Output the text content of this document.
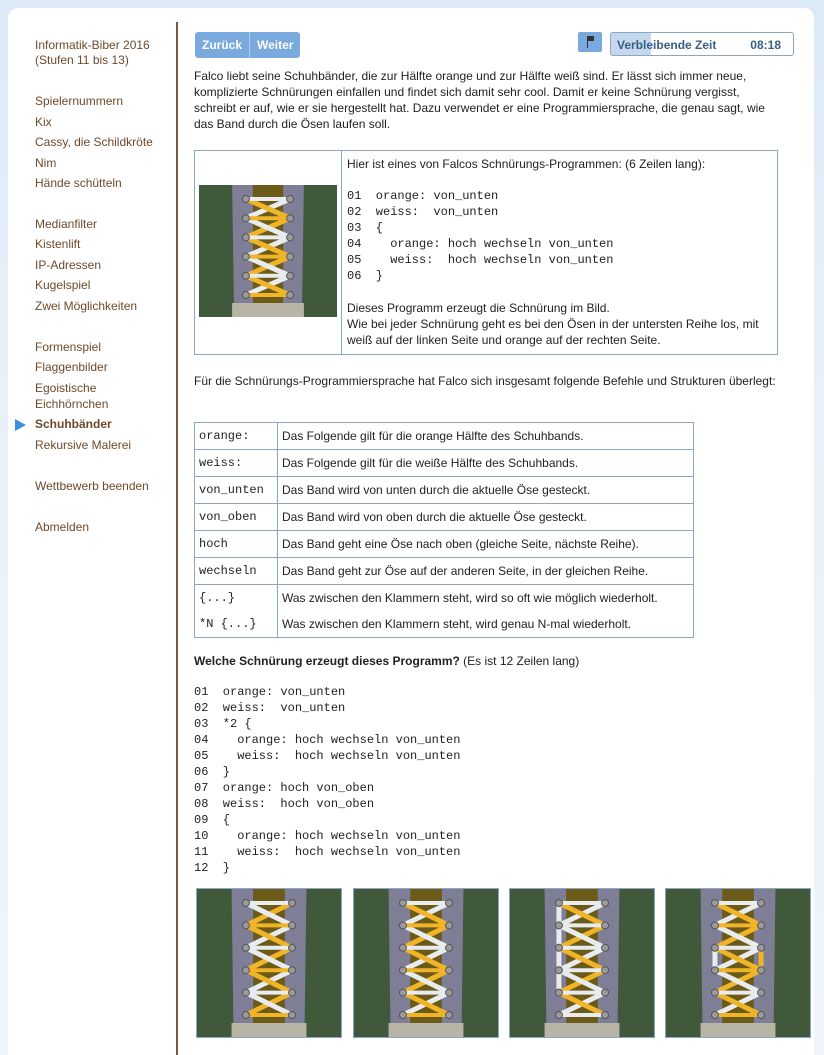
Informatik-Biber 2016
(Stufen 11 bis 13)
Spielernummern
Kix
Cassy, die Schildkröte
Nim
Hände schütteln
Medianfilter
Kistenlift
IP-Adressen
Kugelspiel
Zwei Möglichkeiten
Formenspiel
Flaggenbilder
Egoistische
Eichhörnchen
Schuhbänder
Rekursive Malerei
Wettbewerb beenden
Abmelden
Zurück	Weiter	Verbleibende Zeit	08:18
Falco liebt seine Schuhbänder, die zur Hälfte orange und zur Hälfte weiß sind. Er lässt sich immer neue, komplizierte Schnürungen einfallen und findet sich damit sehr cool. Damit er keine Schnürung vergisst, schreibt er auf, wie er sie hergestellt hat. Dazu verwendet er eine Programmiersprache, die genau sagt, wie das Band durch die Ösen laufen soll.
Hier ist eines von Falcos Schnürungs-Programmen: (6 Zeilen lang):
01  orange: von_unten
02  weiss:  von_unten
03  {
04    orange: hoch wechseln von_unten
05    weiss:  hoch wechseln von_unten
06  }
Dieses Programm erzeugt die Schnürung im Bild.
Wie bei jeder Schnürung geht es bei den Ösen in der untersten Reihe los, mit weiß auf der linken Seite und orange auf der rechten Seite.
Für die Schnürungs-Programmiersprache hat Falco sich insgesamt folgende Befehle und Strukturen überlegt:
orange:	Das Folgende gilt für die orange Hälfte des Schuhbands.
weiss:	Das Folgende gilt für die weiße Hälfte des Schuhbands.
von_unten	Das Band wird von unten durch die aktuelle Öse gesteckt.
von_oben	Das Band wird von oben durch die aktuelle Öse gesteckt.
hoch	Das Band geht eine Öse nach oben (gleiche Seite, nächste Reihe).
wechseln	Das Band geht zur Öse auf der anderen Seite, in der gleichen Reihe.
{...}	Was zwischen den Klammern steht, wird so oft wie möglich wiederholt.
*N {...}	Was zwischen den Klammern steht, wird genau N-mal wiederholt.
Welche Schnürung erzeugt dieses Programm? (Es ist 12 Zeilen lang)
01  orange: von_unten
02  weiss:  von_unten
03  *2 {
04    orange: hoch wechseln von_unten
05    weiss:  hoch wechseln von_unten
06  }
07  orange: hoch von_oben
08  weiss:  hoch von_oben
09  {
10    orange: hoch wechseln von_unten
11    weiss:  hoch wechseln von_unten
12  }
